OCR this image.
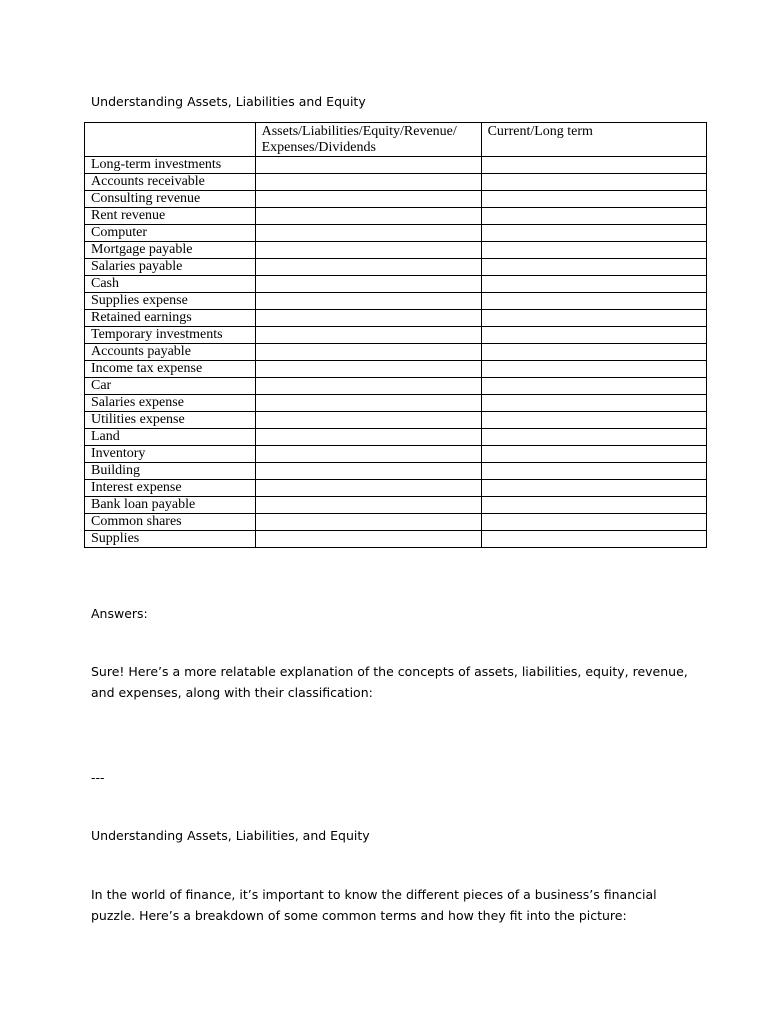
Understanding Assets, Liabilities and Equity

	Assets/Liabilities/Equity/Revenue/ Expenses/Dividends	Current/Long term
Long-term investments		
Accounts receivable		
Consulting revenue		
Rent revenue		
Computer		
Mortgage payable		
Salaries payable		
Cash		
Supplies expense		
Retained earnings		
Temporary investments		
Accounts payable		
Income tax expense		
Car		
Salaries expense		
Utilities expense		
Land		
Inventory		
Building		
Interest expense		
Bank loan payable		
Common shares		
Supplies		

Answers:

Sure! Here’s a more relatable explanation of the concepts of assets, liabilities, equity, revenue, and expenses, along with their classification:

---

Understanding Assets, Liabilities, and Equity

In the world of finance, it’s important to know the different pieces of a business’s financial puzzle. Here’s a breakdown of some common terms and how they fit into the picture:
